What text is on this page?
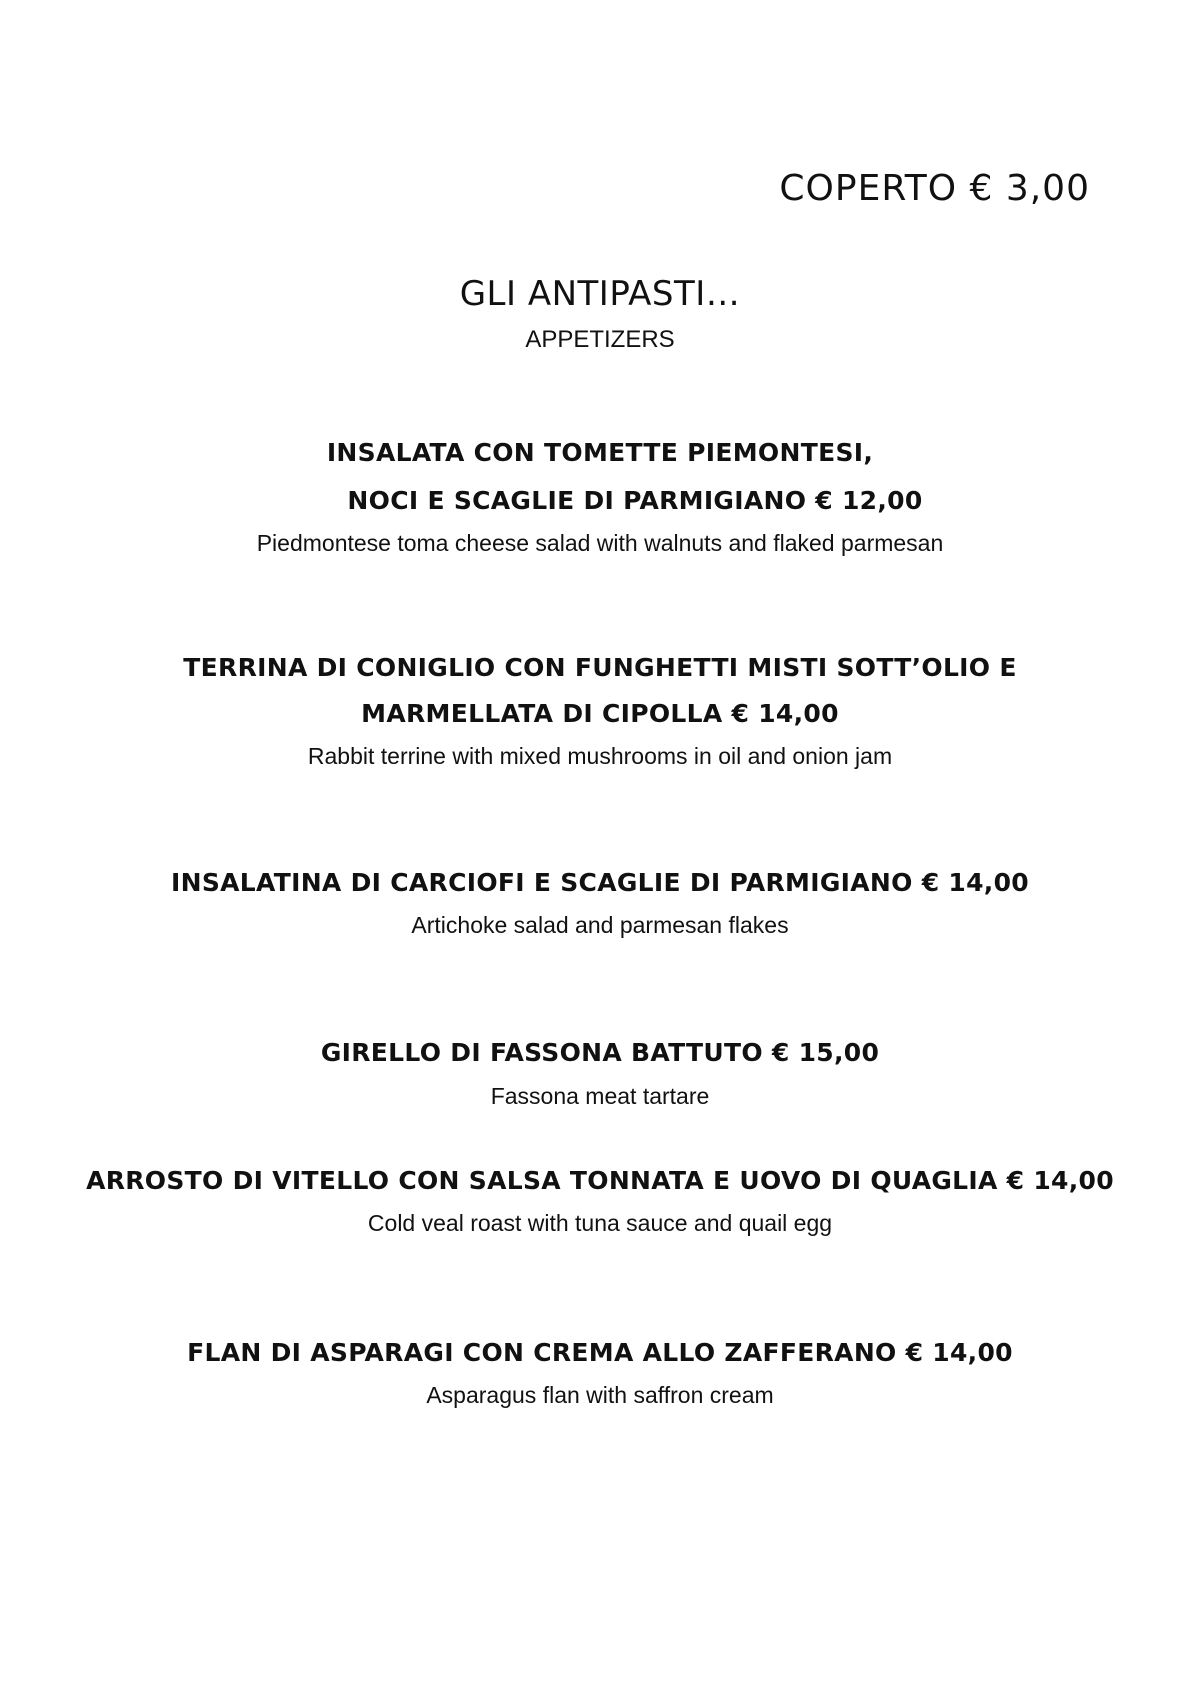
COPERTO € 3,00
GLI ANTIPASTI…
APPETIZERS
INSALATA CON TOMETTE PIEMONTESI,
NOCI E SCAGLIE DI PARMIGIANO € 12,00
Piedmontese toma cheese salad with walnuts and flaked parmesan
TERRINA DI CONIGLIO CON FUNGHETTI MISTI SOTT’OLIO E
MARMELLATA DI CIPOLLA € 14,00
Rabbit terrine with mixed mushrooms in oil and onion jam
INSALATINA DI CARCIOFI E SCAGLIE DI PARMIGIANO € 14,00
Artichoke salad and parmesan flakes
GIRELLO DI FASSONA BATTUTO € 15,00
Fassona meat tartare
ARROSTO DI VITELLO CON SALSA TONNATA E UOVO DI QUAGLIA € 14,00
Cold veal roast with tuna sauce and quail egg
FLAN DI ASPARAGI CON CREMA ALLO ZAFFERANO € 14,00
Asparagus flan with saffron cream
